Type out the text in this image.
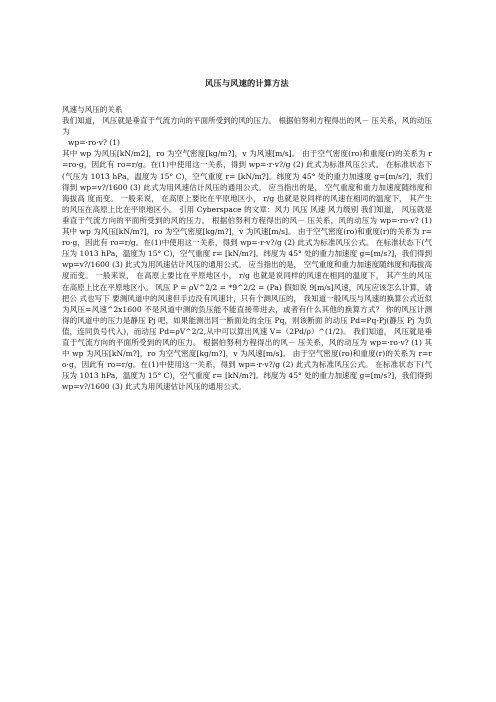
风压与风速的计算方法

风速与风压的关系

我们知道， 风压就是垂直于气流方向的平面所受到的风的压力。 根据伯努利方程得出的风－ 压关系，风的动压为

wp=·ro·v? (1)

其中 wp 为风压[kN/m2]，ro 为空气密度[kg/m?]，v 为风速[m/s]。 由于空气密度(ro)和重度(r)的关系为 r=ro·g，因此有 ro=r/g。在(1)中使用这一关系，得到 wp=·r·v?/g (2) 此式为标准风压公式。 在标准状态下(气压为 1013 hPa，温度为 15° C)，空气重度 r= [kN/m?]。纬度为 45° 处的重力加速度 g=[m/s?]，我们得到 wp=v?/1600 (3) 此式为用风速估计风压的通用公式。 应当指出的是， 空气重度和重力加速度随纬度和海拔高 度而变。 一般来说， 在高原上要比在平原地区小， r/g 也就是说同样的风速在相同的温度下， 其产生的风压在高原上比在平原地区小。 引用 Cyberspace 的文章：风力 风压 风速 风力级别 我们知道， 风压就是垂直于气流方向的平面所受到的风的压力。 根据伯努利方程得出的风－ 压关系，风的动压为 wp=·ro·v? (1) 其中 wp 为风压[kN/m?]，ro 为空气密度[kg/m?]，v 为风速[m/s]。 由于空气密度(ro)和重度(r)的关系为 r=ro·g，因此有 ro=r/g。在(1)中使用这一关系，得到 wp=·r·v?/g (2) 此式为标准风压公式。 在标准状态下(气压为 1013 hPa，温度为 15° C)，空气重度 r= [kN/m?]。纬度为 45° 处的重力加速度 g=[m/s?]，我们得到 wp=v?/1600 (3) 此式为用风速估计风压的通用公式。 应当指出的是， 空气重度和重力加速度随纬度和海拔高 度而变。 一般来说， 在高原上要比在平原地区小， r/g 也就是说同样的风速在相同的温度下， 其产生的风压在高原上比在平原地区小。 风压 P = ρV^2/2 = *9^2/2 = (Pa) 假如说 9[m/s]风速，风压应该怎么计算，请把公 式也写下 要测风道中的风速但手边没有风速计，只有个测风压的， 我知道一般风压与风速的换算公式近似为风压=风速^2x1600 不是风道中测的负压能不能直接带进去，或者有什么其他的换算方式？ 你的风压计测得的风道中的压力是静压 Pj 吧，如果能测出同一断面处的全压 Pq，则该断面 的动压 Pd=Pq-Pj(静压 Pj 为负值，连同负号代入)，而动压 Pd=ρV^2/2,从中可以算出风速 V=（2Pd/ρ）^(1/2)。 我们知道， 风压就是垂直于气流方向的平面所受到的风的压力。 根据伯努利方程得出的风－ 压关系，风的动压为 wp=·ro·v? (1) 其中 wp 为风压[kN/m?]，ro 为空气密度[kg/m?]，v 为风速[m/s]。 由于空气密度(ro)和重度(r)的关系为 r=ro·g，因此有 ro=r/g。在(1)中使用这一关系，得到 wp=·r·v?/g (2) 此式为标准风压公式。 在标准状态下(气压为 1013 hPa，温度为 15° C)，空气重度 r= [kN/m?]。纬度为 45° 处的重力加速度 g=[m/s?]，我们得到 wp=v?/1600 (3) 此式为用风速估计风压的通用公式。
